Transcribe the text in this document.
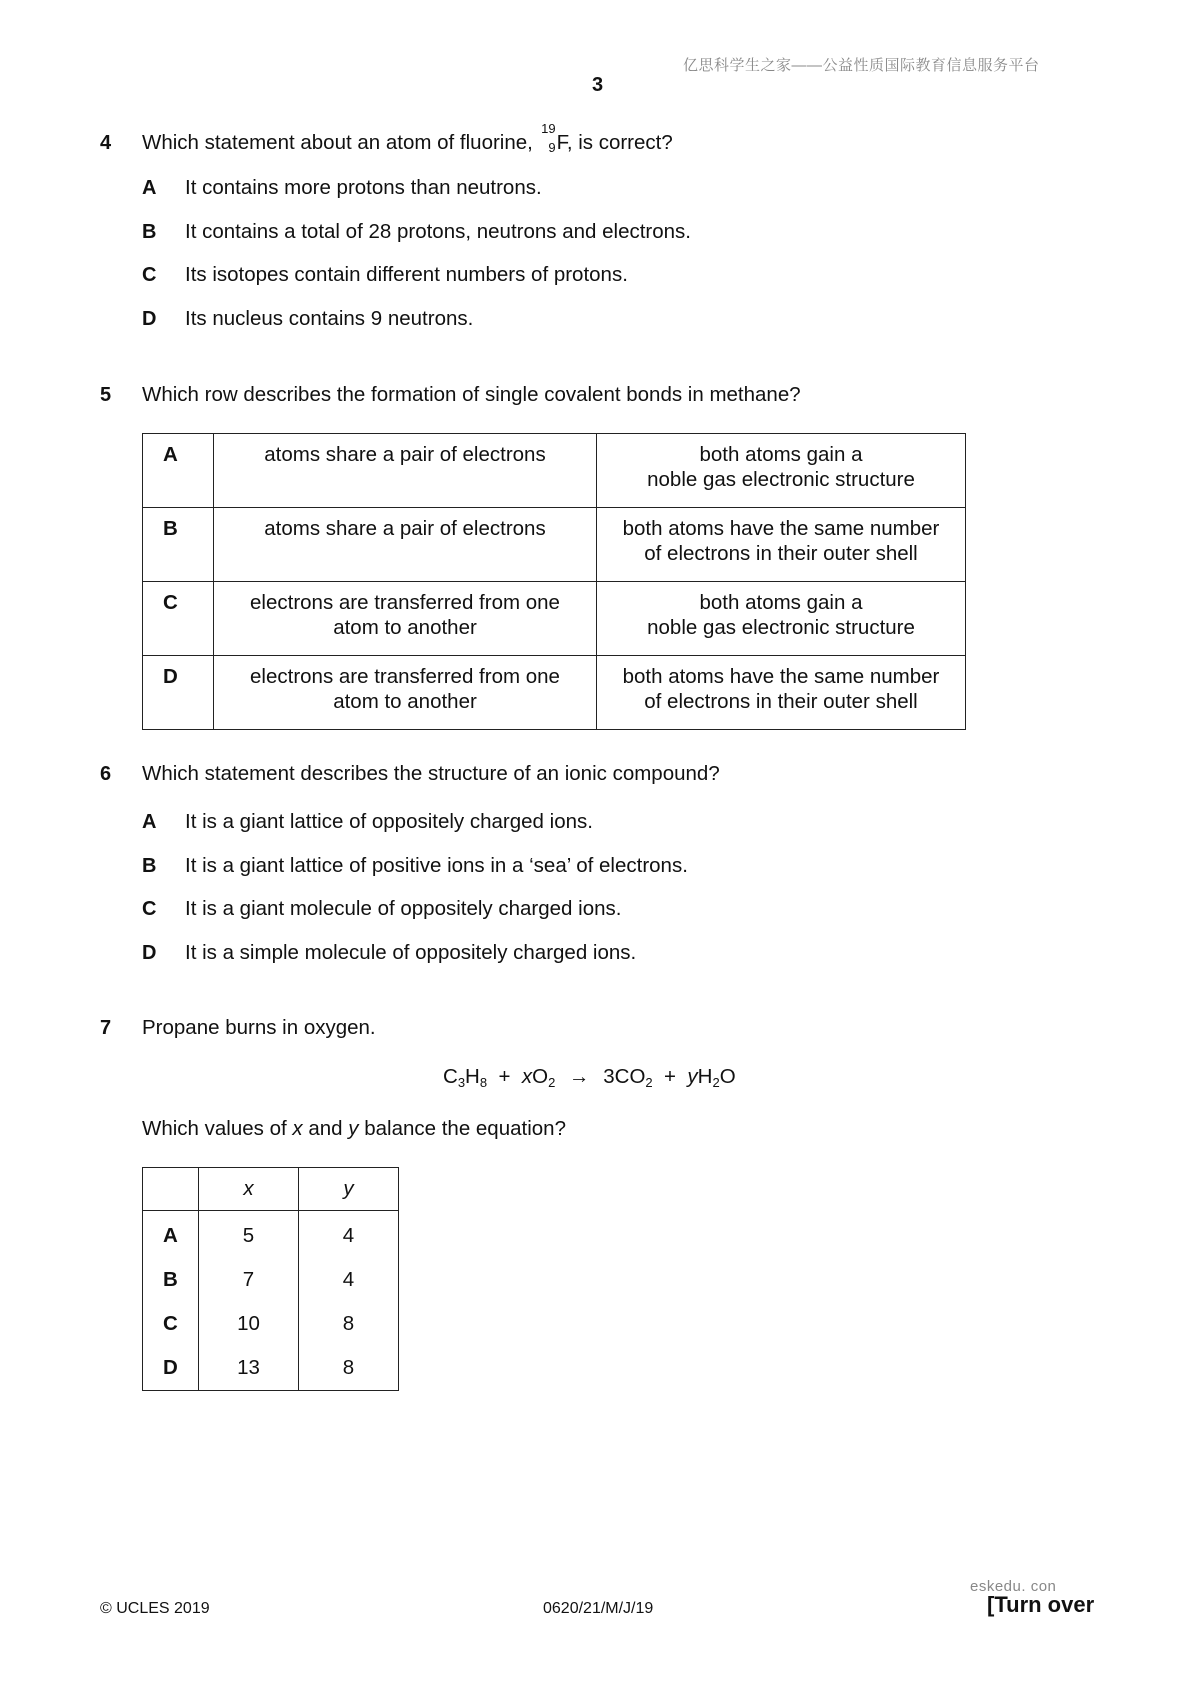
亿思科学生之家——公益性质国际教育信息服务平台
3
4 Which statement about an atom of fluorine,
19
9 F, is correct?
A It contains more protons than neutrons.
B It contains a total of 28 protons, neutrons and electrons.
C Its isotopes contain different numbers of protons.
D Its nucleus contains 9 neutrons.
5 Which row describes the formation of single covalent bonds in methane?
A	atoms share a pair of electrons	both atoms gain a
noble gas electronic structure

B	atoms share a pair of electrons	both atoms have the same number
of electrons in their outer shell

C	electrons are transferred from one
atom to another	both atoms gain a
noble gas electronic structure

D	electrons are transferred from one
atom to another	both atoms have the same number
of electrons in their outer shell
6 Which statement describes the structure of an ionic compound?
A It is a giant lattice of oppositely charged ions.
B It is a giant lattice of positive ions in a ‘sea’ of electrons.
C It is a giant molecule of oppositely charged ions.
D It is a simple molecule of oppositely charged ions.
7 Propane burns in oxygen.
$C_3H_8 + xO_2 \to 3CO_2 + yH_2O$
Which values of x and y balance the equation?
	x	y
A	5	4
B	7	4
C	10	8
D	13	8
eskedu. con
© UCLES 2019	0620/21/M/J/19	[Turn over
